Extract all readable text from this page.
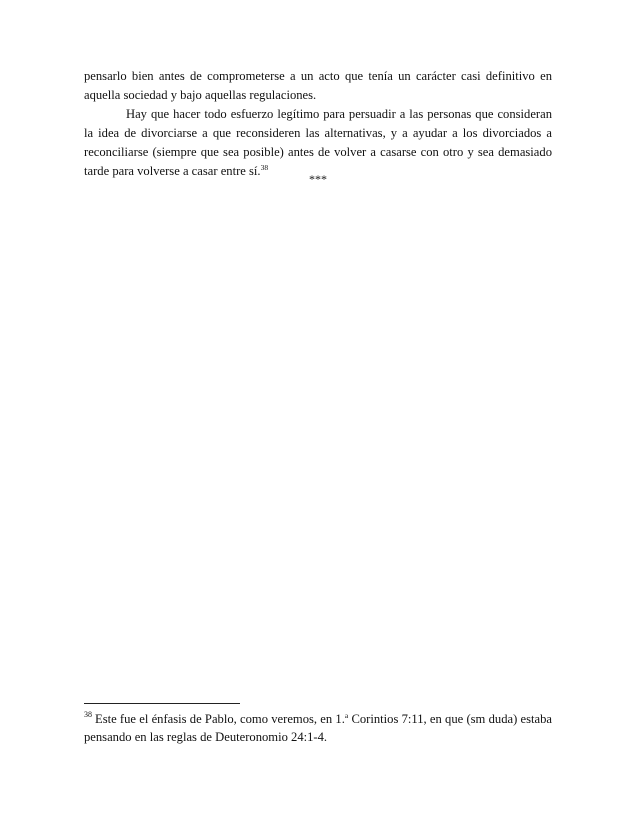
pensarlo bien antes de comprometerse a un acto que tenía un carácter casi definitivo en aquella sociedad y bajo aquellas regulaciones.

Hay que hacer todo esfuerzo legítimo para persuadir a las personas que consideran la idea de divorciarse a que reconsideren las alternativas, y a ayudar a los divorciados a reconciliarse (siempre que sea posible) antes de volver a casarse con otro y sea demasiado tarde para volverse a casar entre sí.$^{38}$

***

$^{38}$ Este fue el énfasis de Pablo, como veremos, en 1.$^a$ Corintios 7:11, en que (sm duda) estaba pensando en las reglas de Deuteronomio 24:1-4.
